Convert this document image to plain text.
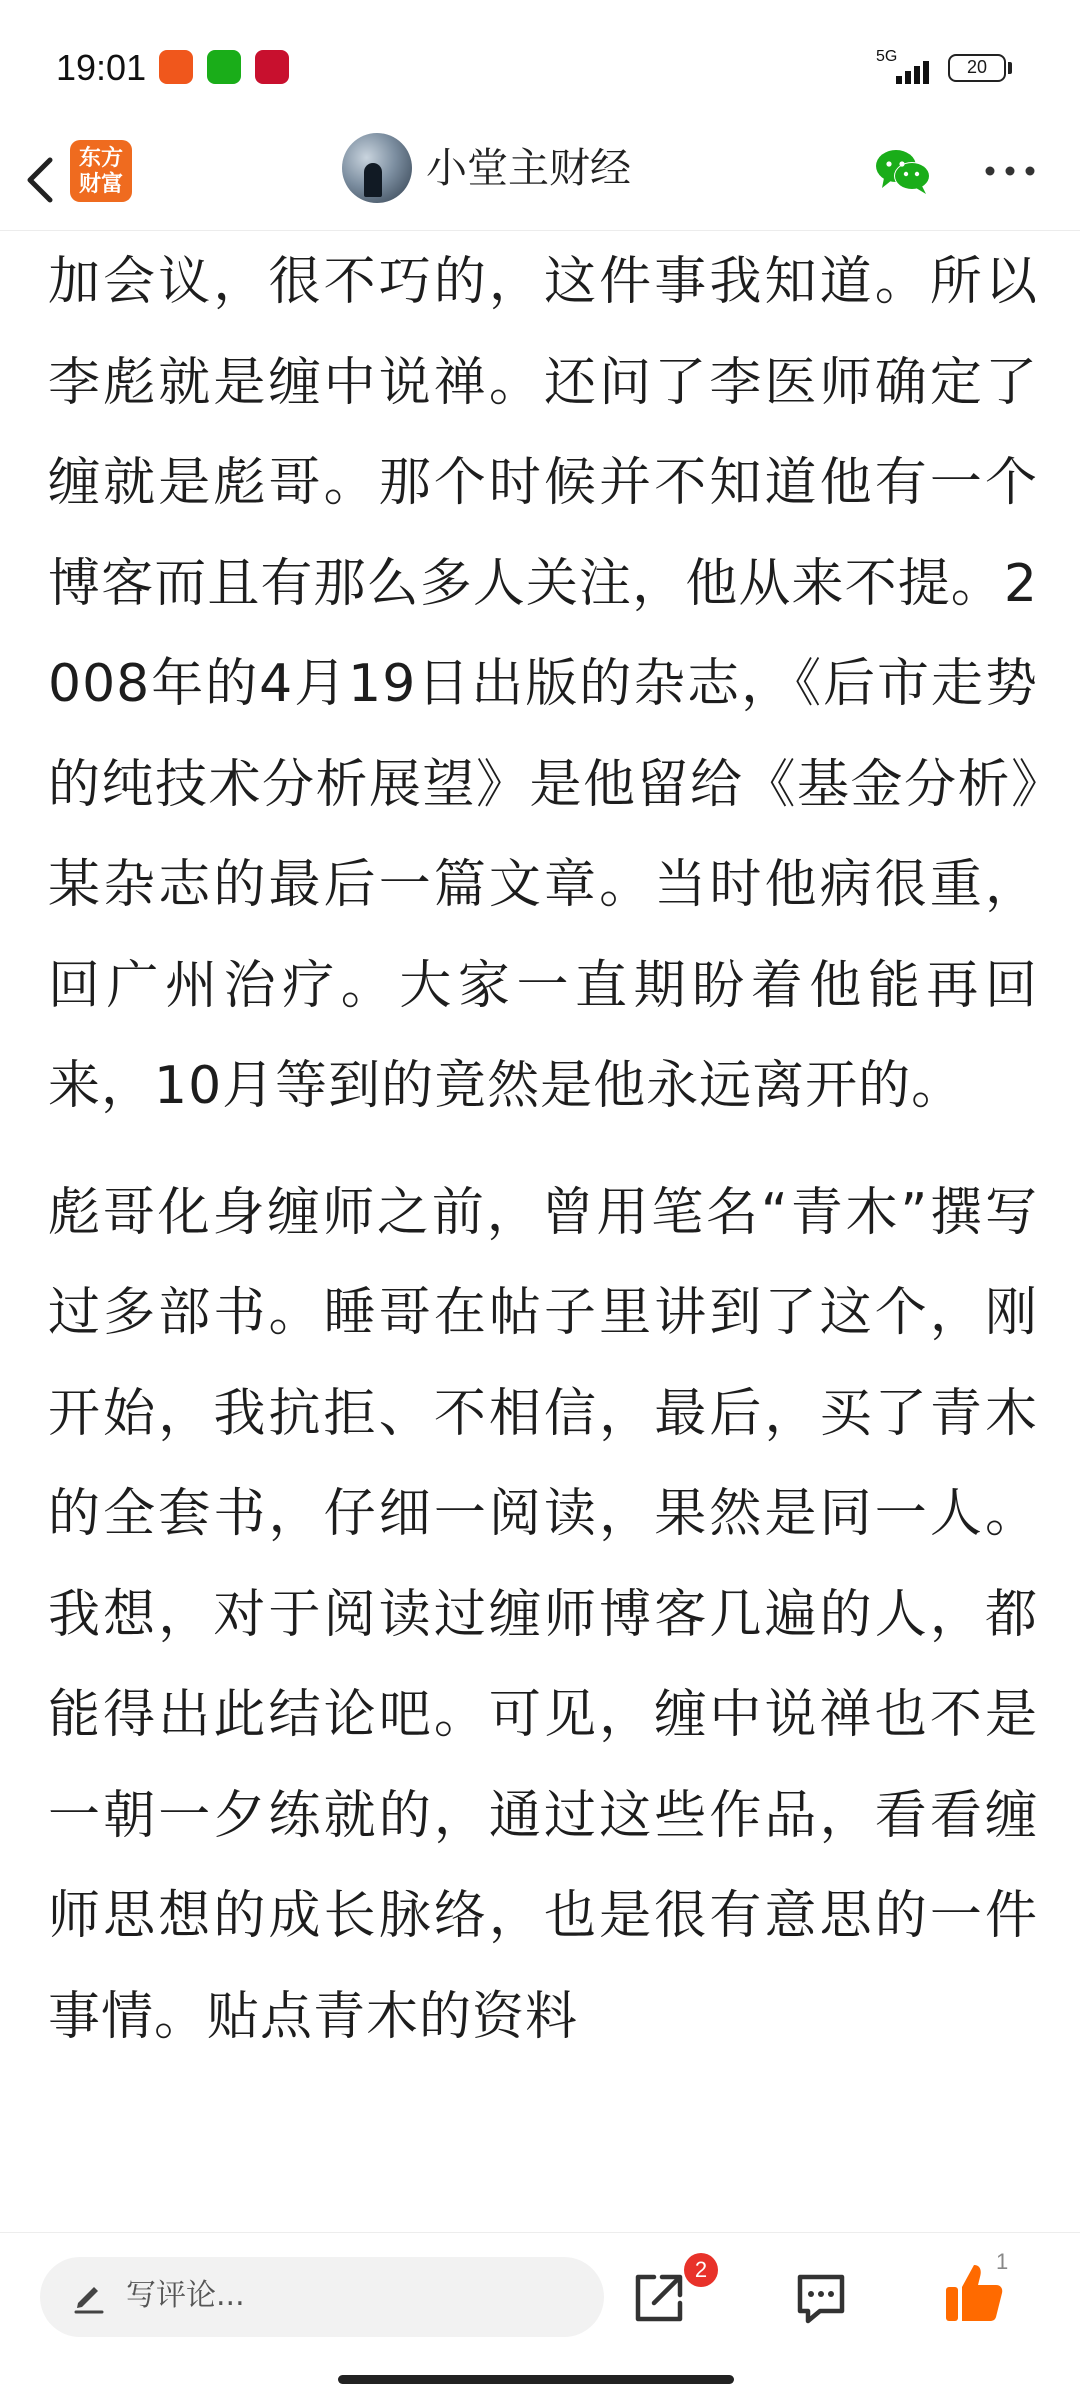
19:01	5G
20
东方
财富	小堂主财经

加会议，很不巧的，这件事我知道。所以李彪就是缠中说禅。还问了李医师确定了缠就是彪哥。那个时候并不知道他有一个博客而且有那么多人关注，他从来不提。2008年的4月19日出版的杂志，《后市走势的纯技术分析展望》是他留给《基金分析》某杂志的最后一篇文章。当时他病很重，回广州治疗。大家一直期盼着他能再回来，10月等到的竟然是他永远离开的。

彪哥化身缠师之前，曾用笔名“青木”撰写过多部书。睡哥在帖子里讲到了这个，刚开始，我抗拒、不相信，最后，买了青木的全套书，仔细一阅读，果然是同一人。我想，对于阅读过缠师博客几遍的人，都能得出此结论吧。可见，缠中说禅也不是一朝一夕练就的，通过这些作品，看看缠师思想的成长脉络，也是很有意思的一件事情。贴点青木的资料

写评论...
2	1
